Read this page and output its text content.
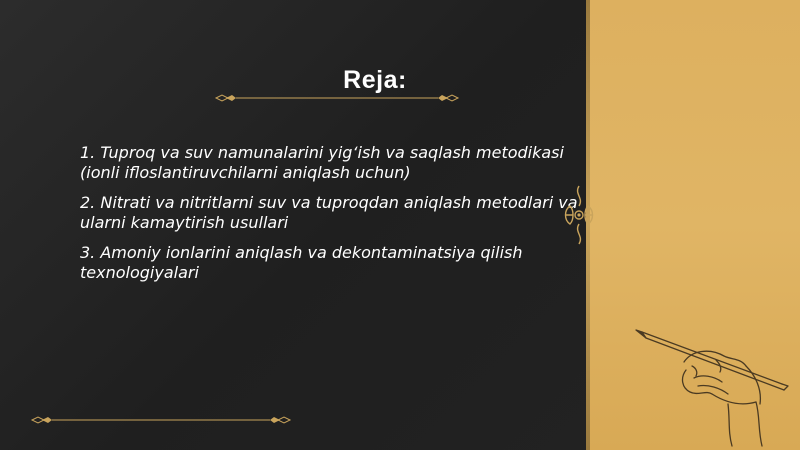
Reja:

1. Tuproq va suv namunalarini yig‘ish va saqlash metodikasi (ionli ifloslantiruvchilarni aniqlash uchun)

2. Nitrati va nitritlarni suv va tuproqdan aniqlash metodlari va ularni kamaytirish usullari

3. Amoniy ionlarini aniqlash va dekontaminatsiya qilish texnologiyalari
